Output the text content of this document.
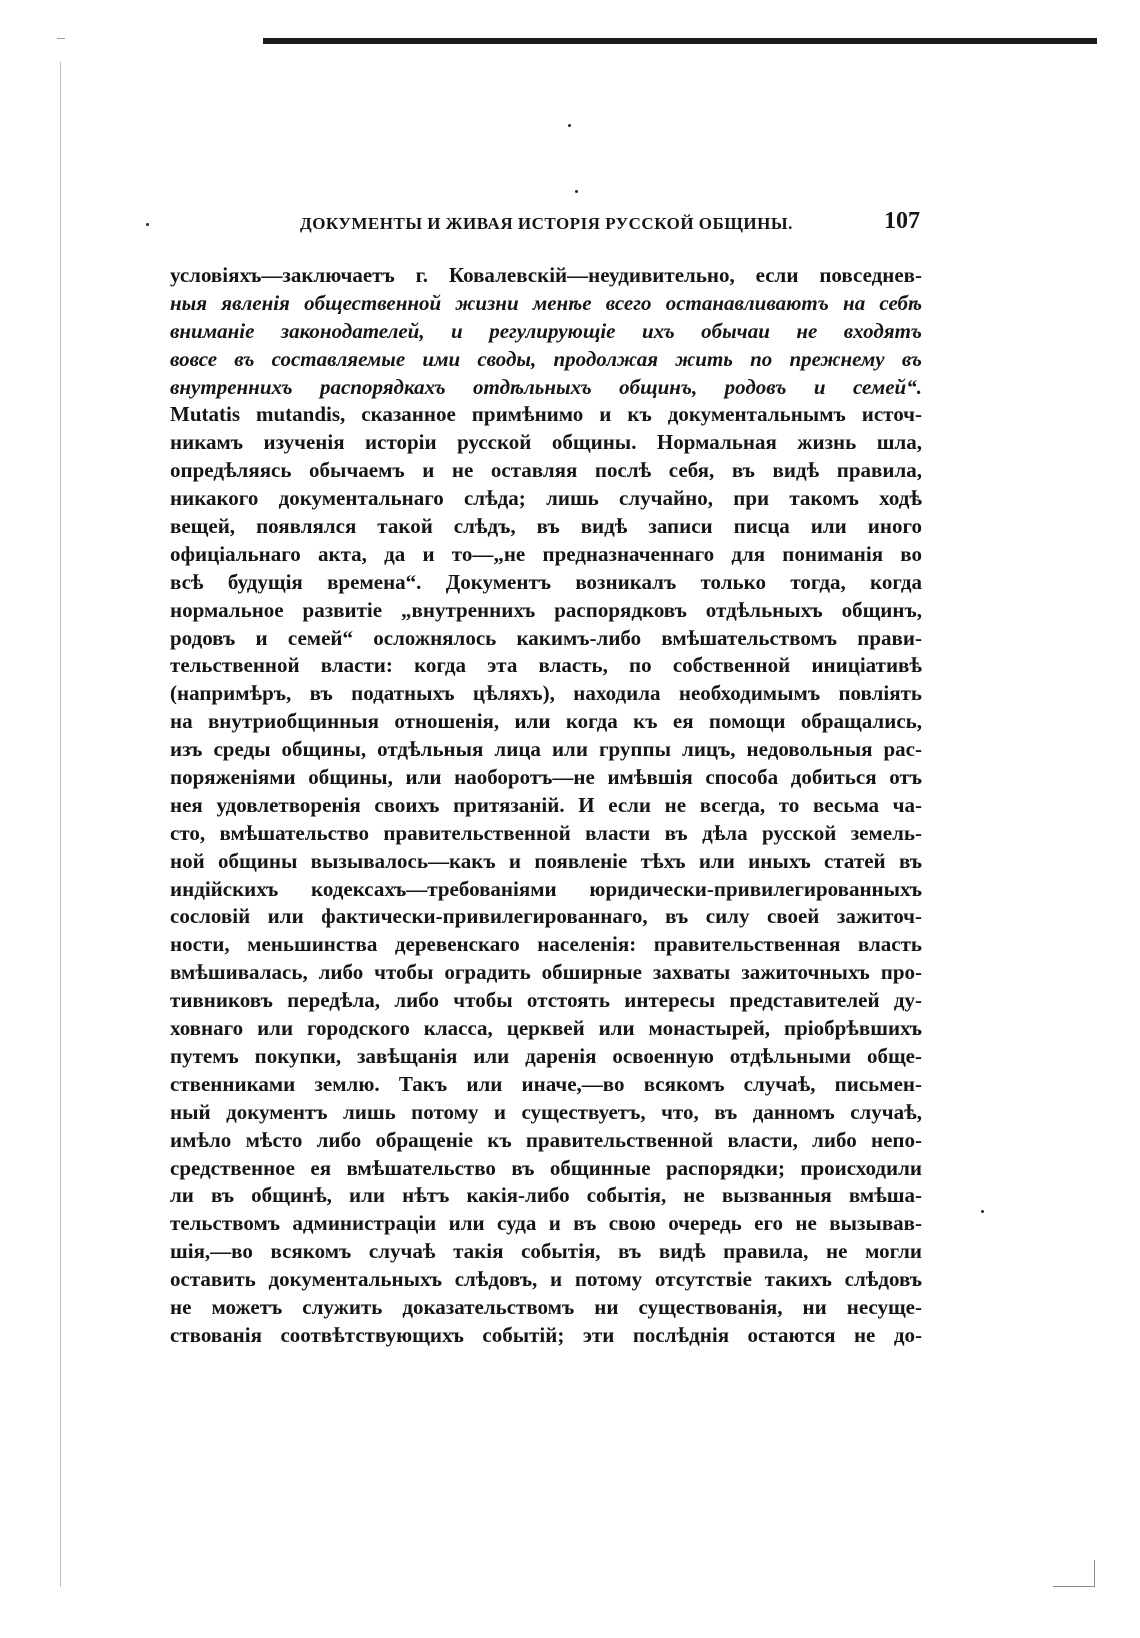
ДОКУМЕНТЫ И ЖИВАЯ ИСТОРІЯ РУССКОЙ ОБЩИНЫ.	107
условіяхъ—заключаетъ г. Ковалевскій—неудивительно, если повседнев-
ныя явленія общественной жизни менѣе всего останавливаютъ на себѣ
вниманіе законодателей, и регулирующіе ихъ обычаи не входятъ
вовсе въ составляемые ими своды, продолжая жить по прежнему въ
внутреннихъ распорядкахъ отдѣльныхъ общинъ, родовъ и семей“.
Mutatis mutandis, сказанное примѣнимо и къ документальнымъ источ-
никамъ изученія исторіи русской общины. Нормальная жизнь шла,
опредѣляясь обычаемъ и не оставляя послѣ себя, въ видѣ правила,
никакого документальнаго слѣда; лишь случайно, при такомъ ходѣ
вещей, появлялся такой слѣдъ, въ видѣ записи писца или иного
офиціальнаго акта, да и то—„не предназначеннаго для пониманія во
всѣ будущія времена“. Документъ возникалъ только тогда, когда
нормальное развитіе „внутреннихъ распорядковъ отдѣльныхъ общинъ,
родовъ и семей“ осложнялось какимъ-либо вмѣшательствомъ прави-
тельственной власти: когда эта власть, по собственной иниціативѣ
(напримѣръ, въ податныхъ цѣляхъ), находила необходимымъ повліять
на внутриобщинныя отношенія, или когда къ ея помощи обращались,
изъ среды общины, отдѣльныя лица или группы лицъ, недовольныя рас-
поряженіями общины, или наоборотъ—не имѣвшія способа добиться отъ
нея удовлетворенія своихъ притязаній. И если не всегда, то весьма ча-
сто, вмѣшательство правительственной власти въ дѣла русской земель-
ной общины вызывалось—какъ и появленіе тѣхъ или иныхъ статей въ
индійскихъ кодексахъ—требованіями юридически-привилегированныхъ
сословій или фактически-привилегированнаго, въ силу своей зажиточ-
ности, меньшинства деревенскаго населенія: правительственная власть
вмѣшивалась, либо чтобы оградить обширные захваты зажиточныхъ про-
тивниковъ передѣла, либо чтобы отстоять интересы представителей ду-
ховнаго или городского класса, церквей или монастырей, пріобрѣвшихъ
путемъ покупки, завѣщанія или даренія освоенную отдѣльными обще-
ственниками землю. Такъ или иначе,—во всякомъ случаѣ, письмен-
ный документъ лишь потому и существуетъ, что, въ данномъ случаѣ,
имѣло мѣсто либо обращеніе къ правительственной власти, либо непо-
средственное ея вмѣшательство въ общинные распорядки; происходили
ли въ общинѣ, или нѣтъ какія-либо событія, не вызванныя вмѣша-
тельствомъ администраціи или суда и въ свою очередь его не вызывав-
шія,—во всякомъ случаѣ такія событія, въ видѣ правила, не могли
оставить документальныхъ слѣдовъ, и потому отсутствіе такихъ слѣдовъ
не можетъ служить доказательствомъ ни существованія, ни несуще-
ствованія соотвѣтствующихъ событій; эти послѣднія остаются не до-
